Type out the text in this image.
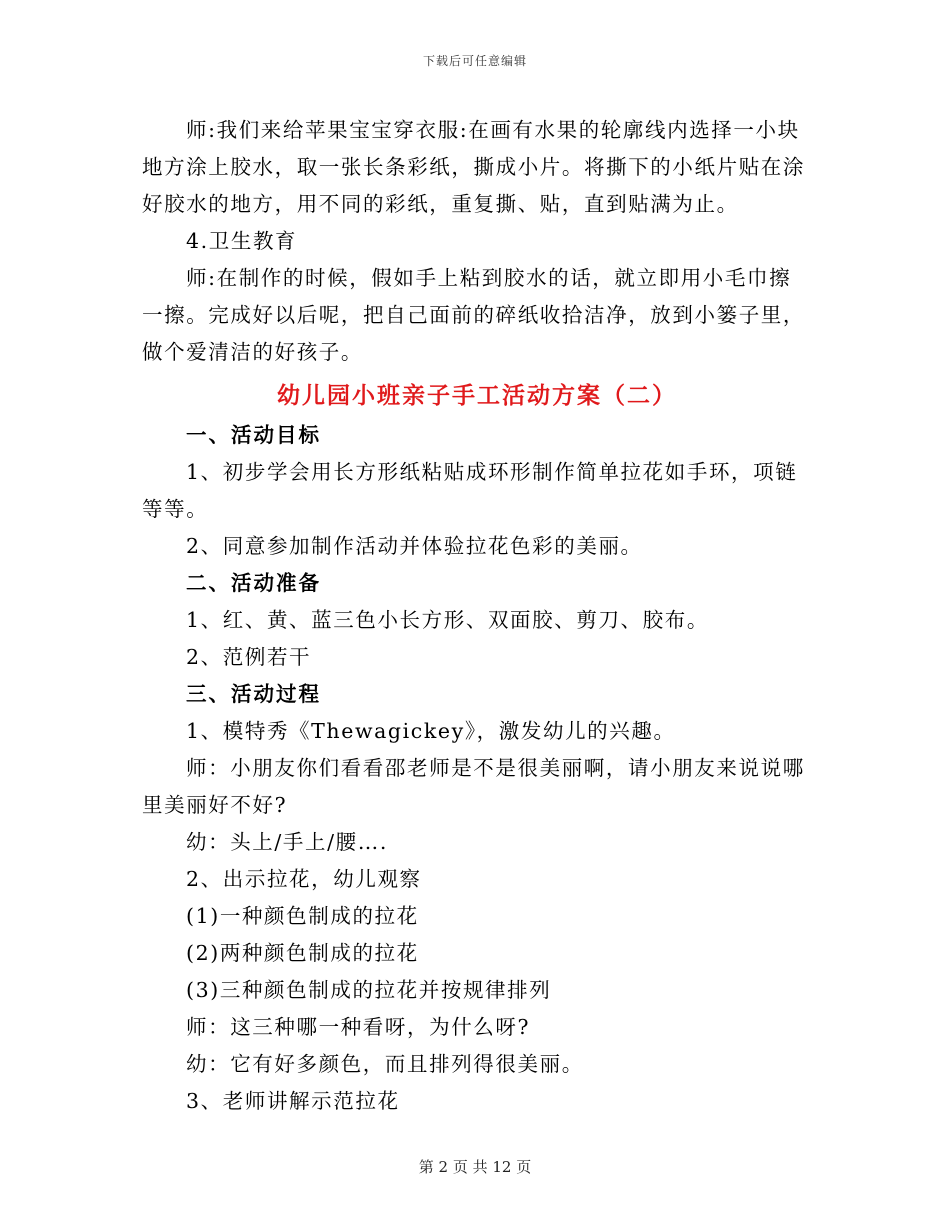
下载后可任意编辑

师:我们来给苹果宝宝穿衣服:在画有水果的轮廓线内选择一小块地方涂上胶水，取一张长条彩纸，撕成小片。将撕下的小纸片贴在涂好胶水的地方，用不同的彩纸，重复撕、贴，直到贴满为止。

4.卫生教育

师:在制作的时候，假如手上粘到胶水的话，就立即用小毛巾擦一擦。完成好以后呢，把自己面前的碎纸收拾洁净，放到小篓子里，做个爱清洁的好孩子。

幼儿园小班亲子手工活动方案（二）
一、活动目标

1、初步学会用长方形纸粘贴成环形制作简单拉花如手环，项链等等。

2、同意参加制作活动并体验拉花色彩的美丽。

二、活动准备

1、红、黄、蓝三色小长方形、双面胶、剪刀、胶布。

2、范例若干

三、活动过程

1、模特秀《Thewagickey》，激发幼儿的兴趣。

师：小朋友你们看看邵老师是不是很美丽啊，请小朋友来说说哪里美丽好不好?

幼：头上/手上/腰….

2、出示拉花，幼儿观察

(1)一种颜色制成的拉花

(2)两种颜色制成的拉花

(3)三种颜色制成的拉花并按规律排列

师：这三种哪一种看呀，为什么呀?

幼：它有好多颜色，而且排列得很美丽。

3、老师讲解示范拉花

第 2 页 共 12 页
